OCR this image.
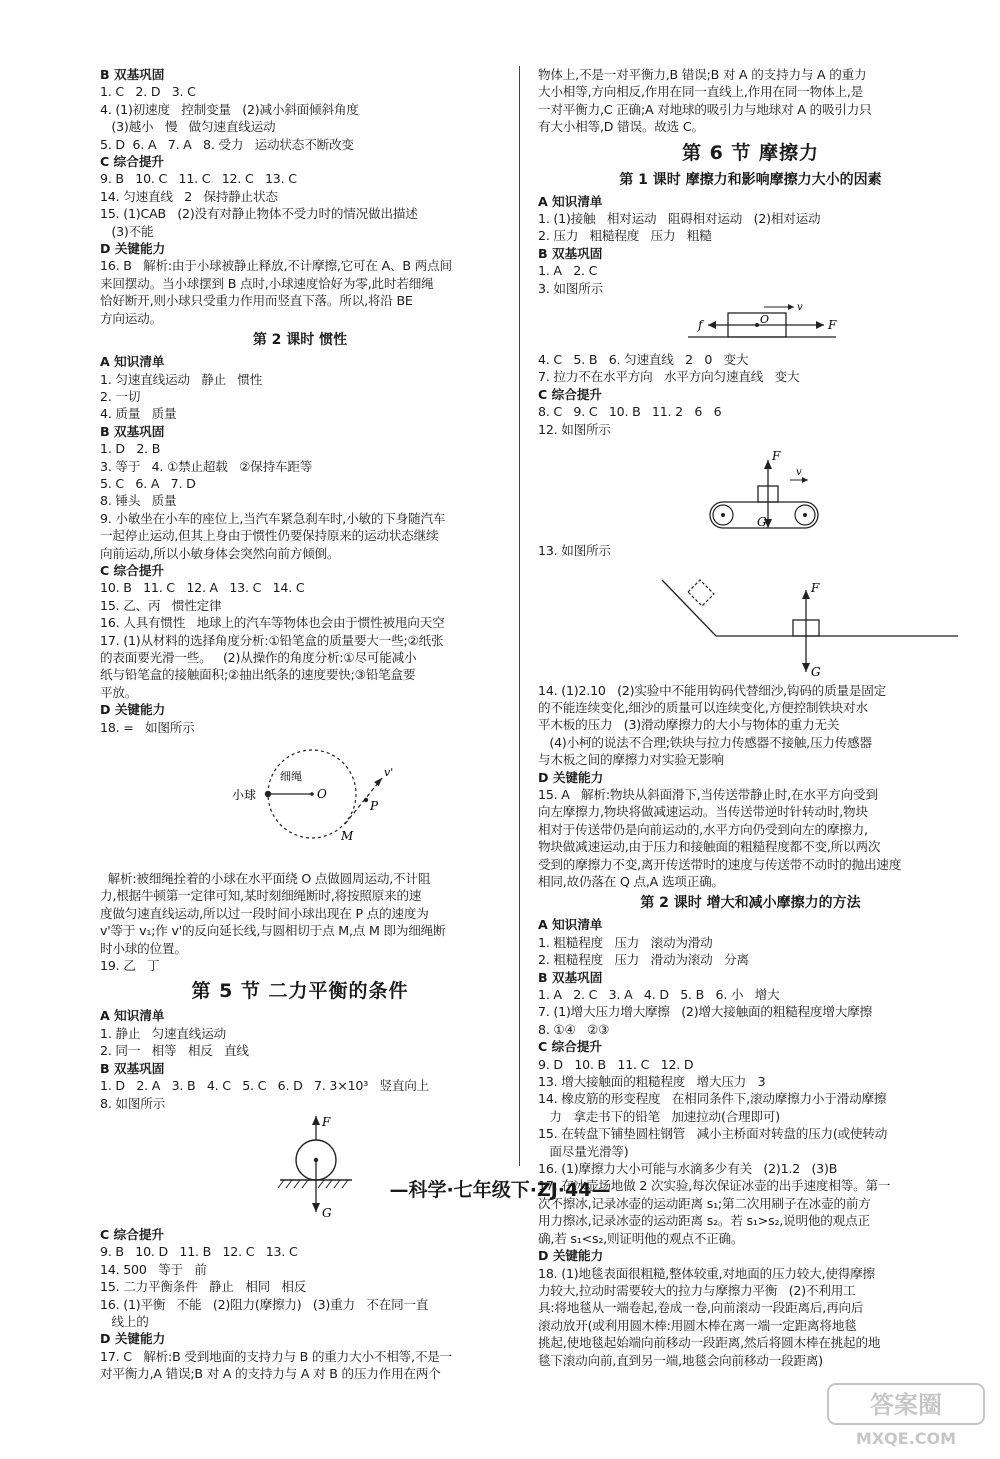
B 双基巩固
1. C   2. D   3. C
4. (1)初速度   控制变量   (2)减小斜面倾斜角度
(3)越小   慢   做匀速直线运动
5. D  6. A   7. A   8. 受力   运动状态不断改变
C 综合提升
9. B   10. C   11. C   12. C   13. C
14. 匀速直线   2   保持静止状态
15. (1)CAB   (2)没有对静止物体不受力时的情况做出描述
(3)不能
D 关键能力
16. B   解析:由于小球被静止释放,不计摩擦,它可在 A、B 两点间
来回摆动。当小球摆到 B 点时,小球速度恰好为零,此时若细绳
恰好断开,则小球只受重力作用而竖直下落。所以,将沿 BE
方向运动。
第 2 课时 惯性
A 知识清单
1. 匀速直线运动   静止   惯性
2. 一切
4. 质量   质量
B 双基巩固
1. D   2. B
3. 等于   4. ①禁止超载   ②保持车距等
5. C   6. A   7. D
8. 锤头   质量
9. 小敏坐在小车的座位上,当汽车紧急刹车时,小敏的下身随汽车
一起停止运动,但其上身由于惯性仍要保持原来的运动状态继续
向前运动,所以小敏身体会突然向前方倾倒。
C 综合提升
10. B   11. C   12. A   13. C   14. C
15. 乙、丙   惯性定律
16. 人具有惯性   地球上的汽车等物体也会由于惯性被甩向天空
17. (1)从材料的选择角度分析:①铅笔盒的质量要大一些;②纸张
的表面要光滑一些。   (2)从操作的角度分析:①尽可能减小
纸与铅笔盒的接触面积;②抽出纸条的速度要快;③铅笔盒要
平放。
D 关键能力
18. =   如图所示
小球
细绳
O
P
M
v'
解析:被细绳拴着的小球在水平面绕 O 点做圆周运动,不计阻
力,根据牛顿第一定律可知,某时刻细绳断时,将按照原来的速
度做匀速直线运动,所以过一段时间小球出现在 P 点的速度为
v'等于 v₁;作 v'的反向延长线,与圆相切于点 M,点 M 即为细绳断
时小球的位置。
19. 乙   丁
第 5 节 二力平衡的条件
A 知识清单
1. 静止   匀速直线运动
2. 同一   相等   相反   直线
B 双基巩固
1. D   2. A   3. B   4. C   5. C   6. D   7. 3×10³   竖直向上
8. 如图所示
F
G
C 综合提升
9. B   10. D   11. B   12. C   13. C
14. 500   等于   前
15. 二力平衡条件   静止   相同   相反
16. (1)平衡   不能   (2)阻力(摩擦力)   (3)重力   不在同一直
线上的
D 关键能力
17. C   解析:B 受到地面的支持力与 B 的重力大小不相等,不是一
对平衡力,A 错误;B 对 A 的支持力与 A 对 B 的压力作用在两个
物体上,不是一对平衡力,B 错误;B 对 A 的支持力与 A 的重力
大小相等,方向相反,作用在同一直线上,作用在同一物体上,是
一对平衡力,C 正确;A 对地球的吸引力与地球对 A 的吸引力只
有大小相等,D 错误。故选 C。
第 6 节 摩擦力
第 1 课时 摩擦力和影响摩擦力大小的因素
A 知识清单
1. (1)接触   相对运动   阻碍相对运动   (2)相对运动
2. 压力   粗糙程度   压力   粗糙
B 双基巩固
1. A   2. C
3. 如图所示
f	F
O
v
4. C   5. B   6. 匀速直线   2   0   变大
7. 拉力不在水平方向   水平方向匀速直线   变大
C 综合提升
8. C   9. C   10. B   11. 2   6   6
12. 如图所示
F
G
v
13. 如图所示
F
G
14. (1)2.10   (2)实验中不能用钩码代替细沙,钩码的质量是固定
的不能连续变化,细沙的质量可以连续变化,方便控制铁块对水
平木板的压力   (3)滑动摩擦力的大小与物体的重力无关
(4)小柯的说法不合理;铁块与拉力传感器不接触,压力传感器
与木板之间的摩擦力对实验无影响
D 关键能力
15. A   解析:物块从斜面滑下,当传送带静止时,在水平方向受到
向左摩擦力,物块将做减速运动。当传送带逆时针转动时,物块
相对于传送带仍是向前运动的,水平方向仍受到向左的摩擦力,
物块做减速运动,由于压力和接触面的粗糙程度都不变,所以两次
受到的摩擦力不变,离开传送带时的速度与传送带不动时的抛出速度
相同,故仍落在 Q 点,A 选项正确。
第 2 课时 增大和减小摩擦力的方法
A 知识清单
1. 粗糙程度   压力   滚动为滑动
2. 粗糙程度   压力   滑动为滚动   分离
B 双基巩固
1. A   2. C   3. A   4. D   5. B   6. 小   增大
7. (1)增大压力增大摩擦   (2)增大接触面的粗糙程度增大摩擦
8. ①④   ②③
C 综合提升
9. D   10. B   11. C   12. D
13. 增大接触面的粗糙程度   增大压力   3
14. 橡皮筋的形变程度   在相同条件下,滚动摩擦力小于滑动摩擦
力   拿走书下的铅笔   加速拉动(合理即可)
15. 在转盘下铺垫圆柱钢管   减小主桥面对转盘的压力(或使转动
面尽量光滑等)
16. (1)摩擦力大小可能与水滴多少有关   (2)1.2   (3)B
17. 在冰壶场地做 2 次实验,每次保证冰壶的出手速度相等。第一
次不擦冰,记录冰壶的运动距离 s₁;第二次用刷子在冰壶的前方
用力擦冰,记录冰壶的运动距离 s₂。若 s₁>s₂,说明他的观点正
确,若 s₁<s₂,则证明他的观点不正确。
D 关键能力
18. (1)地毯表面很粗糙,整体较重,对地面的压力较大,使得摩擦
力较大,拉动时需要较大的拉力与摩擦力平衡   (2)不利用工
具:将地毯从一端卷起,卷成一卷,向前滚动一段距离后,再向后
滚动放开(或利用圆木棒:用圆木棒在离一端一定距离将地毯
挑起,使地毯起始端向前移动一段距离,然后将圆木棒在挑起的地
毯下滚动向前,直到另一端,地毯会向前移动一段距离)
—科学·七年级下·ZJ·44—
答案圈
MXQE.COM
